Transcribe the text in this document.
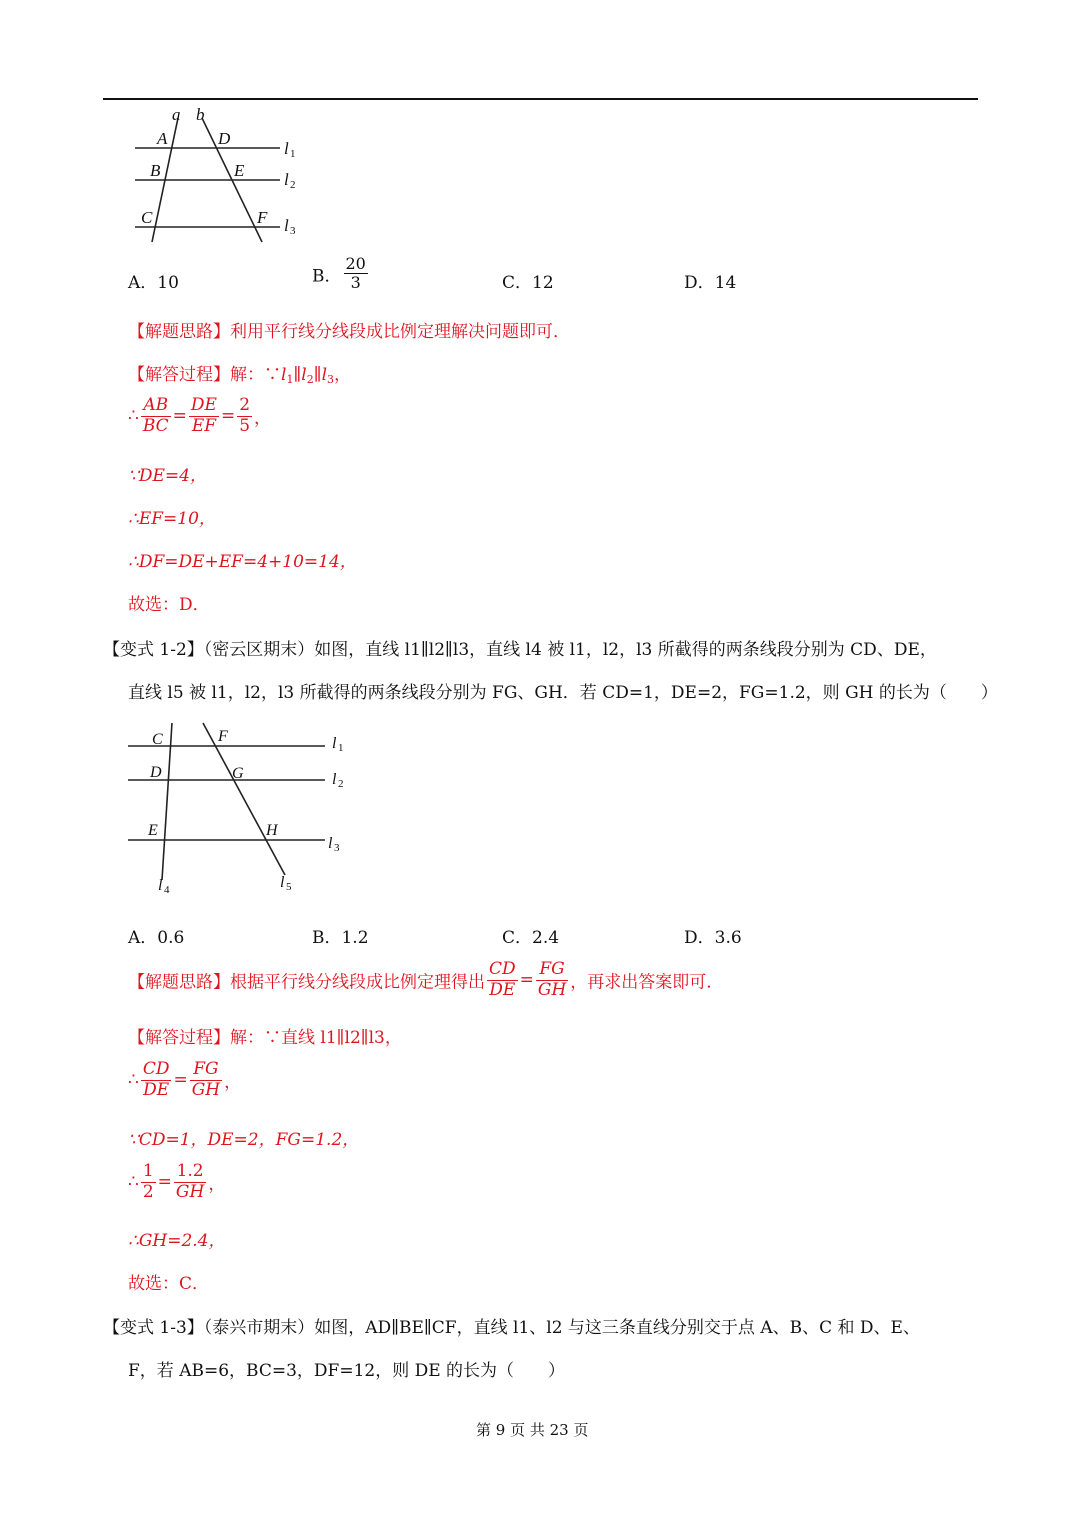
a b
A
B
C
D
E
F
l
l
l
1
2
3
A．10	B． $\frac{20}{3}$	C．12	D．14
【解题思路】利用平行线分线段成比例定理解决问题即可．
【解答过程】解：$\because l_1\parallel l_2\parallel l_3$，
∴ $\frac{AB}{BC} = \frac{DE}{EF} = \frac{2}{5}$ ，
∵DE=4，
∴EF=10，
∴DF=DE+EF=4+10=14，
故选：D．
【变式 1-2】（密云区期末）如图，直线 l1∥l2∥l3，直线 l4 被 l1，l2，l3 所截得的两条线段分别为 CD、DE，
直线 l5 被 l1，l2，l3 所截得的两条线段分别为 FG、GH．若 CD=1，DE=2，FG=1.2，则 GH 的长为（　　）
C
D
E
F
G
H
l
l
l
l	l
1
2
3
4	5
A．0.6	B．1.2	C．2.4	D．3.6
【解题思路】根据平行线分线段成比例定理得出 $\frac{CD}{DE} = \frac{FG}{GH}$ ，再求出答案即可．
【解答过程】解：∵直线 l1∥l2∥l3，
∴ $\frac{CD}{DE} = \frac{FG}{GH}$ ，
∵CD=1，DE=2，FG=1.2，
∴ $\frac{1}{2} = \frac{1.2}{GH}$ ，
∴GH=2.4，
故选：C．
【变式 1-3】（泰兴市期末）如图，AD∥BE∥CF，直线 l1、l2 与这三条直线分别交于点 A、B、C 和 D、E、
F，若 AB=6，BC=3，DF=12，则 DE 的长为（　　）
第 9 页 共 23 页
